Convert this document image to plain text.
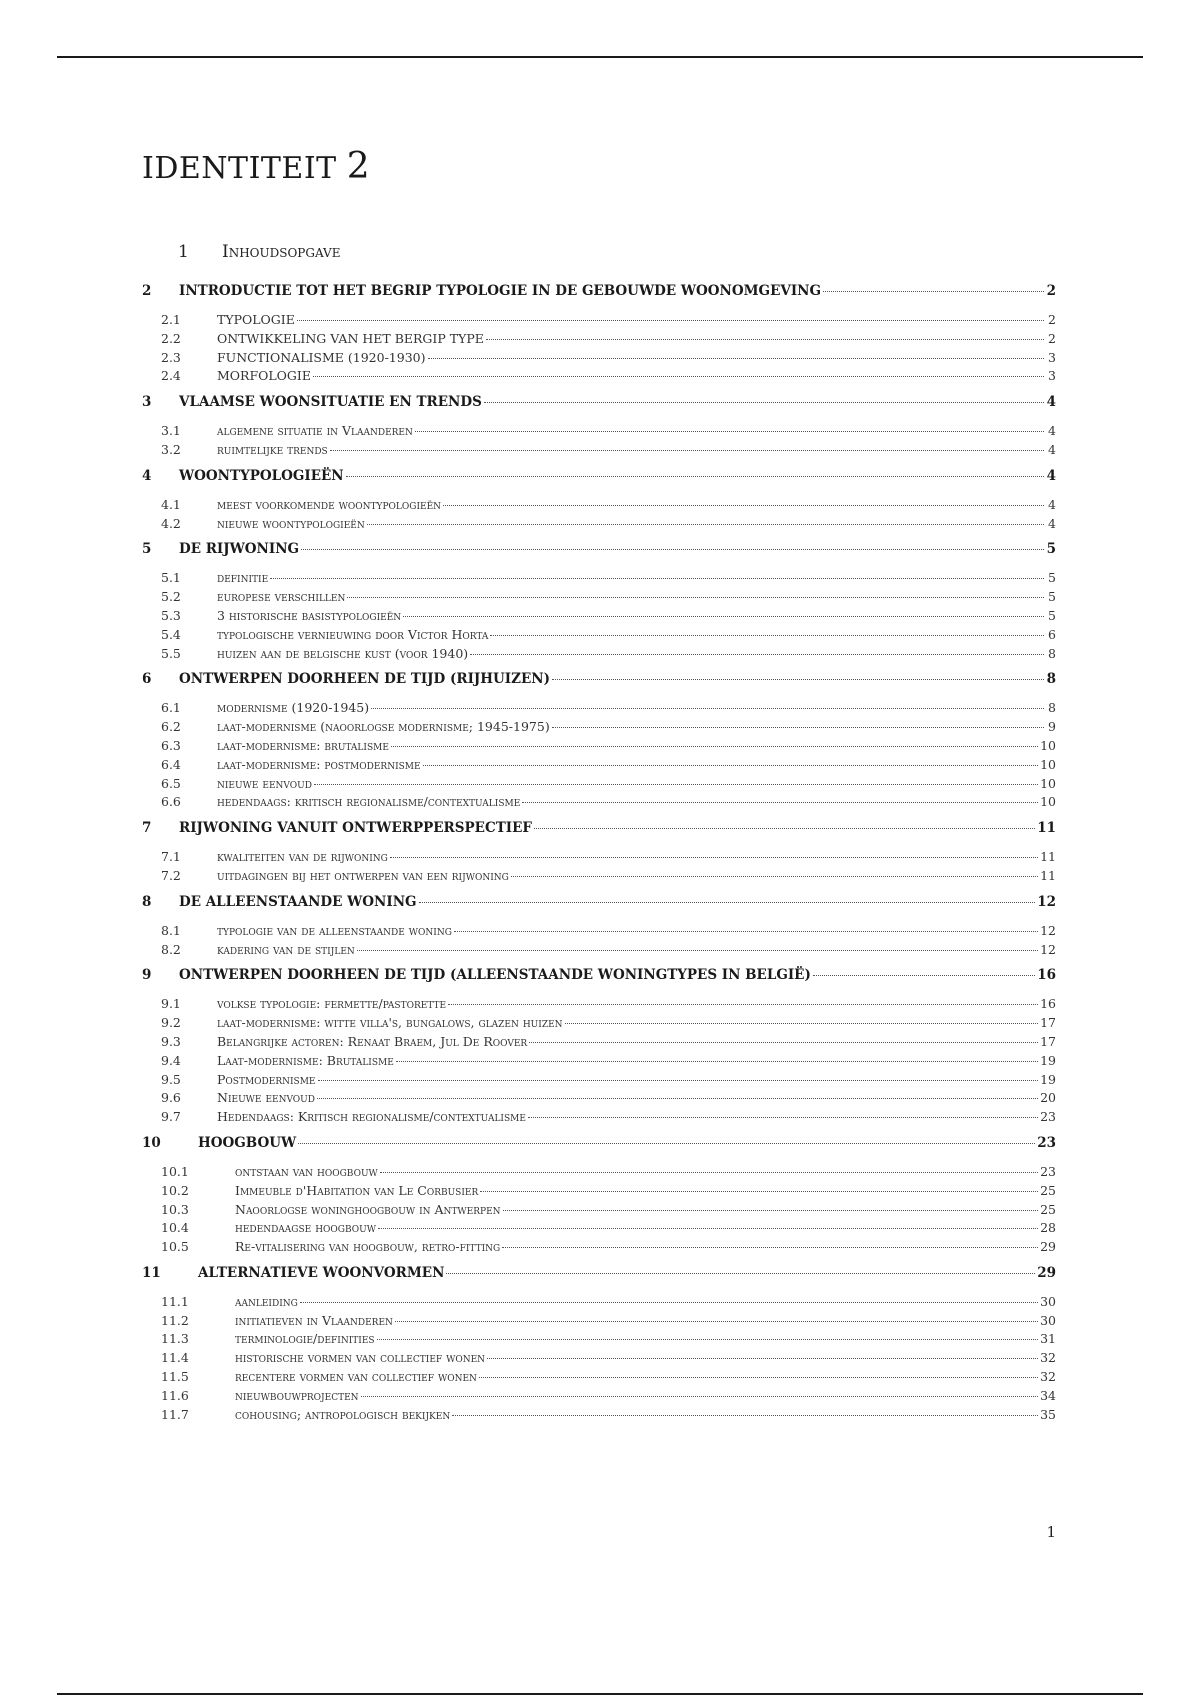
IDENTITEIT 2
1 Inhoudsopgave
2	INTRODUCTIE TOT HET BEGRIP TYPOLOGIE IN DE GEBOUWDE WOONOMGEVING	2
2.1	TYPOLOGIE	2
2.2	ONTWIKKELING VAN HET BERGIP TYPE	2
2.3	FUNCTIONALISME (1920-1930)	3
2.4	MORFOLOGIE	3
3	VLAAMSE WOONSITUATIE EN TRENDS	4
3.1	algemene situatie in Vlaanderen	4
3.2	ruimtelijke trends	4
4	WOONTYPOLOGIEËN	4
4.1	meest voorkomende woontypologieën	4
4.2	nieuwe woontypologieën	4
5	DE RIJWONING	5
5.1	definitie	5
5.2	europese verschillen	5
5.3	3 historische basistypologieën	5
5.4	typologische vernieuwing door Victor Horta	6
5.5	huizen aan de belgische kust (voor 1940)	8
6	ONTWERPEN DOORHEEN DE TIJD (RIJHUIZEN)	8
6.1	modernisme (1920-1945)	8
6.2	laat-modernisme (naoorlogse modernisme; 1945-1975)	9
6.3	laat-modernisme: brutalisme	10
6.4	laat-modernisme: postmodernisme	10
6.5	nieuwe eenvoud	10
6.6	hedendaags: kritisch regionalisme/contextualisme	10
7	RIJWONING VANUIT ONTWERPPERSPECTIEF	11
7.1	kwaliteiten van de rijwoning	11
7.2	uitdagingen bij het ontwerpen van een rijwoning	11
8	DE ALLEENSTAANDE WONING	12
8.1	typologie van de alleenstaande woning	12
8.2	kadering van de stijlen	12
9	ONTWERPEN DOORHEEN DE TIJD (ALLEENSTAANDE WONINGTYPES IN BELGIË)	16
9.1	volkse typologie: fermette/pastorette	16
9.2	laat-modernisme: witte villa's, bungalows, glazen huizen	17
9.3	Belangrijke actoren: Renaat Braem, Jul De Roover	17
9.4	Laat-modernisme: Brutalisme	19
9.5	Postmodernisme	19
9.6	Nieuwe eenvoud	20
9.7	Hedendaags: Kritisch regionalisme/contextualisme	23
10	HOOGBOUW	23
10.1	ontstaan van hoogbouw	23
10.2	Immeuble d'Habitation van Le Corbusier	25
10.3	Naoorlogse woninghoogbouw in Antwerpen	25
10.4	hedendaagse hoogbouw	28
10.5	Re-vitalisering van hoogbouw, retro-fitting	29
11	ALTERNATIEVE WOONVORMEN	29
11.1	aanleiding	30
11.2	initiatieven in Vlaanderen	30
11.3	terminologie/definities	31
11.4	historische vormen van collectief wonen	32
11.5	recentere vormen van collectief wonen	32
11.6	nieuwbouwprojecten	34
11.7	cohousing; antropologisch bekijken	35
1
